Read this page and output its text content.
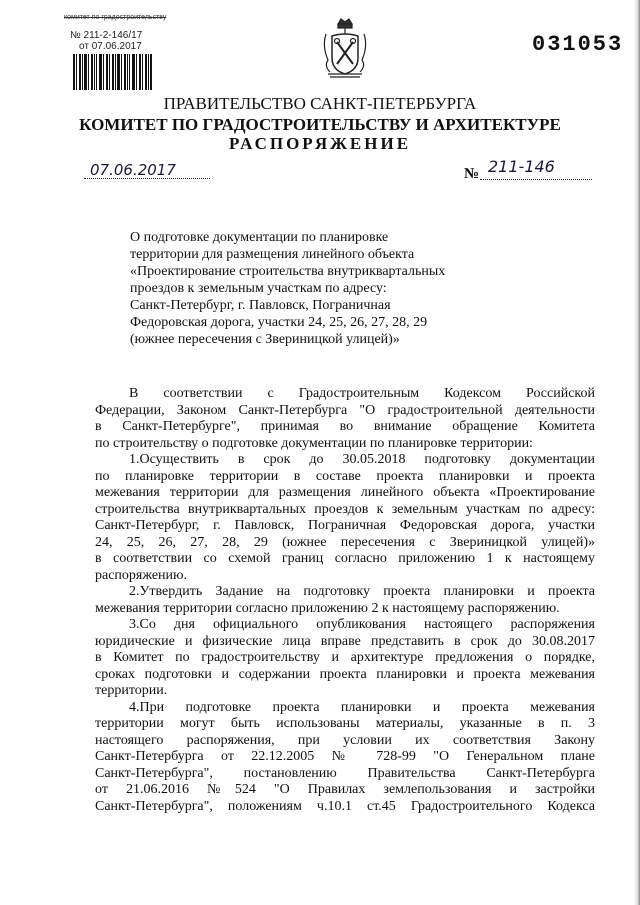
комитет по градостроительству
№ 211-2-146/17
от 07.06.2017	031053
ПРАВИТЕЛЬСТВО САНКТ-ПЕТЕРБУРГА
КОМИТЕТ ПО ГРАДОСТРОИТЕЛЬСТВУ И АРХИТЕКТУРЕ
РАСПОРЯЖЕНИЕ
07.06.2017	№ 211-146
О подготовке документации по планировке
территории для размещения линейного объекта
«Проектирование строительства внутриквартальных
проездов к земельным участкам по адресу:
Санкт-Петербург, г. Павловск, Пограничная
Федоровская дорога, участки 24, 25, 26, 27, 28, 29
(южнее пересечения с Звериницкой улицей)»
В соответствии с Градостроительным Кодексом Российской
Федерации, Законом Санкт-Петербурга "О градостроительной деятельности
в Санкт-Петербурге", принимая во внимание обращение Комитета
по строительству о подготовке документации по планировке территории:
1.Осуществить в срок до 30.05.2018 подготовку документации
по планировке территории в составе проекта планировки и проекта
межевания территории для размещения линейного объекта «Проектирование
строительства внутриквартальных проездов к земельным участкам по адресу:
Санкт-Петербург, г. Павловск, Пограничная Федоровская дорога, участки
24, 25, 26, 27, 28, 29 (южнее пересечения с Звериницкой улицей)»
в соответствии со схемой границ согласно приложению 1 к настоящему
распоряжению.
2.Утвердить Задание на подготовку проекта планировки и проекта
межевания территории согласно приложению 2 к настоящему распоряжению.
3.Со дня официального опубликования настоящего распоряжения
юридические и физические лица вправе представить в срок до 30.08.2017
в Комитет по градостроительству и архитектуре предложения о порядке,
сроках подготовки и содержании проекта планировки и проекта межевания
территории.
4.При подготовке проекта планировки и проекта межевания
территории могут быть использованы материалы, указанные в п. 3
настоящего распоряжения, при условии их соответствия Закону
Санкт-Петербурга от 22.12.2005 № 728-99 "О Генеральном плане
Санкт-Петербурга", постановлению Правительства Санкт-Петербурга
от 21.06.2016 №524 "О Правилах землепользования и застройки
Санкт-Петербурга", положениям ч.10.1 ст.45 Градостроительного Кодекса
